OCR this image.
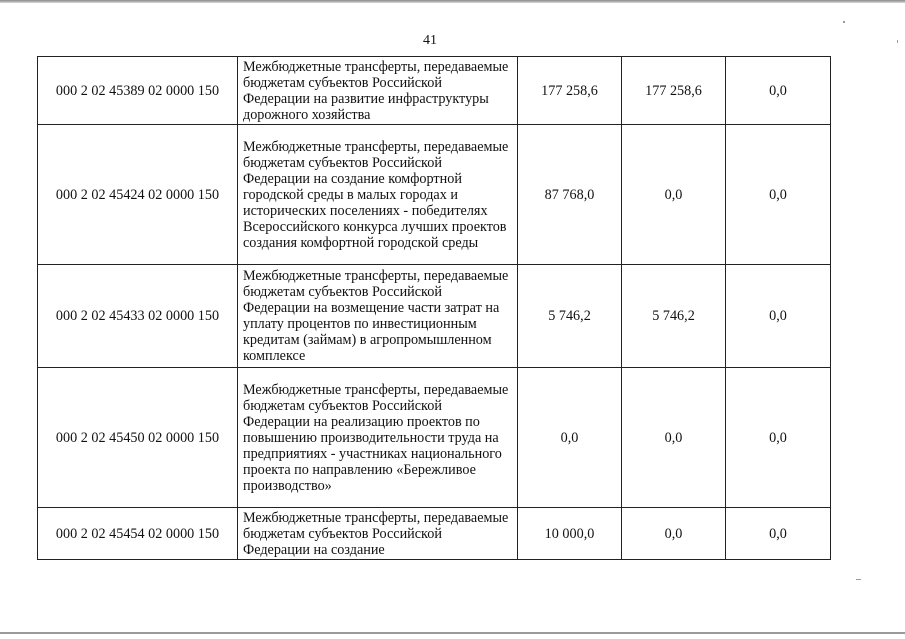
41
000 2 02 45389 02 0000 150	Межбюджетные трансферты, передаваемые бюджетам субъектов Российской Федерации на развитие инфраструктуры дорожного хозяйства	177 258,6	177 258,6	0,0
000 2 02 45424 02 0000 150	Межбюджетные трансферты, передаваемые бюджетам субъектов Российской Федерации на создание комфортной городской среды в малых городах и исторических поселениях - победителях Всероссийского конкурса лучших проектов создания комфортной городской среды	87 768,0	0,0	0,0
000 2 02 45433 02 0000 150	Межбюджетные трансферты, передаваемые бюджетам субъектов Российской Федерации на возмещение части затрат на уплату процентов по инвестиционным кредитам (займам) в агропромышленном комплексе	5 746,2	5 746,2	0,0
000 2 02 45450 02 0000 150	Межбюджетные трансферты, передаваемые бюджетам субъектов Российской Федерации на реализацию проектов по повышению производительности труда на предприятиях - участниках национального проекта по направлению «Бережливое производство»	0,0	0,0	0,0
000 2 02 45454 02 0000 150	Межбюджетные трансферты, передаваемые бюджетам субъектов Российской Федерации на создание	10 000,0	0,0	0,0
